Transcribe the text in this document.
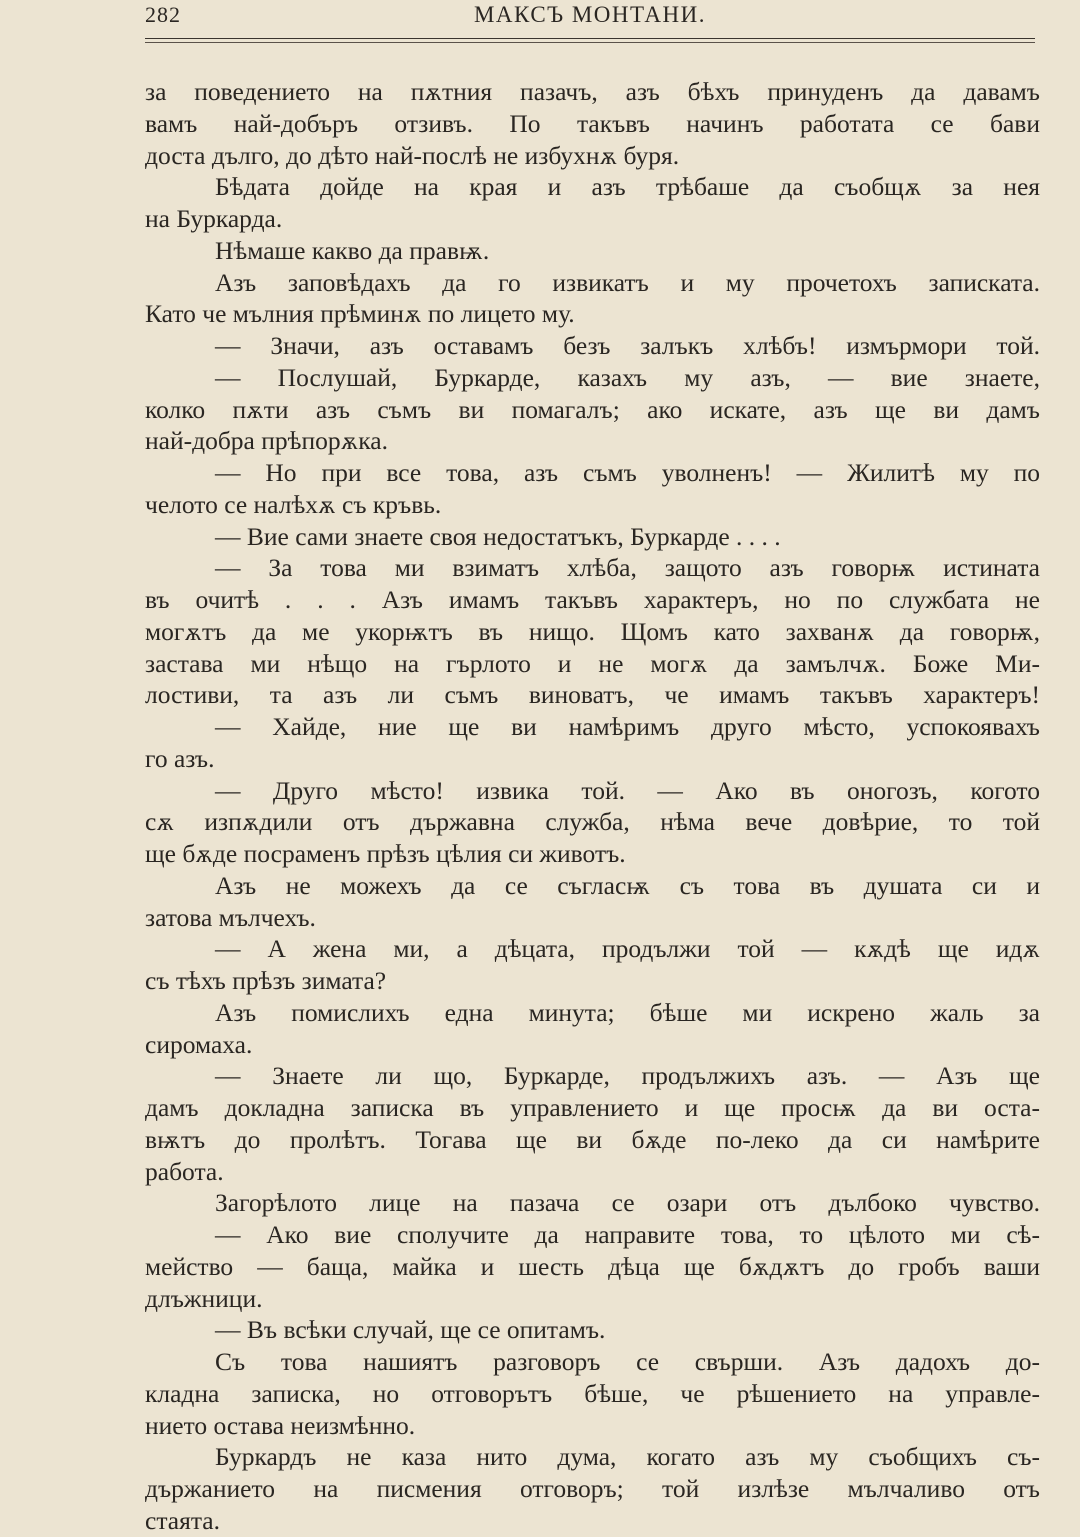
282	МАКСЪ МОНТАНИ.
за поведението на пѫтния пазачъ, азъ бѣхъ принуденъ да давамъ
вамъ най-добъръ отзивъ. По такъвъ начинъ работата се бави
доста дълго, до дѣто най-послѣ не избухнѫ буря.
Бѣдата дойде на края и азъ трѣбаше да съобщѫ за нея
на Буркарда.
Нѣмаше какво да правѭ.
Азъ заповѣдахъ да го извикатъ и му прочетохъ записката.
Като че мълния прѣминѫ по лицето му.
— Значи, азъ оставамъ безъ залъкъ хлѣбъ! измърмори той.
— Послушай, Буркарде, казахъ му азъ, — вие знаете,
колко пѫти азъ съмъ ви помагалъ; ако искате, азъ ще ви дамъ
най-добра прѣпорѫка.
— Но при все това, азъ съмъ уволненъ! — Жилитѣ му по
челото се налѣхѫ съ кръвь.
— Вие сами знаете своя недостатъкъ, Буркарде . . . .
— За това ми взиматъ хлѣба, защото азъ говорѭ истината
въ очитѣ . . . Азъ имамъ такъвъ характеръ, но по службата не
могѫтъ да ме укорѭтъ въ нищо. Щомъ като захванѫ да говорѭ,
застава ми нѣщо на гърлото и не могѫ да замълчѫ. Боже Ми-
лостиви, та азъ ли съмъ виноватъ, че имамъ такъвъ характеръ!
— Хайде, ние ще ви намѣримъ друго мѣсто, успокоявахъ
го азъ.
— Друго мѣсто! извика той. — Ако въ оногозъ, когото
сѫ изпѫдили отъ държавна служба, нѣма вече довѣрие, то той
ще бѫде посраменъ прѣзъ цѣлия си животъ.
Азъ не можехъ да се съгласѭ съ това въ душата си и
затова мълчехъ.
— А жена ми, а дѣцата, продължи той — кѫдѣ ще идѫ
съ тѣхъ прѣзъ зимата?
Азъ помислихъ една минута; бѣше ми искрено жаль за
сиромаха.
— Знаете ли що, Буркарде, продължихъ азъ. — Азъ ще
дамъ докладна записка въ управлението и ще просѭ да ви оста-
вѭтъ до пролѣтъ. Тогава ще ви бѫде по-леко да си намѣрите
работа.
Загорѣлото лице на пазача се озари отъ дълбоко чувство.
— Ако вие сполучите да направите това, то цѣлото ми сѣ-
мейство — баща, майка и шесть дѣца ще бѫдѫтъ до гробъ ваши
длъжници.
— Въ всѣки случай, ще се опитамъ.
Съ това нашиятъ разговоръ се свърши. Азъ дадохъ до-
кладна записка, но отговорътъ бѣше, че рѣшението на управле-
нието остава неизмѣнно.
Буркардъ не каза нито дума, когато азъ му съобщихъ съ-
държанието на писмения отговоръ; той излѣзе мълчаливо отъ
стаята.
